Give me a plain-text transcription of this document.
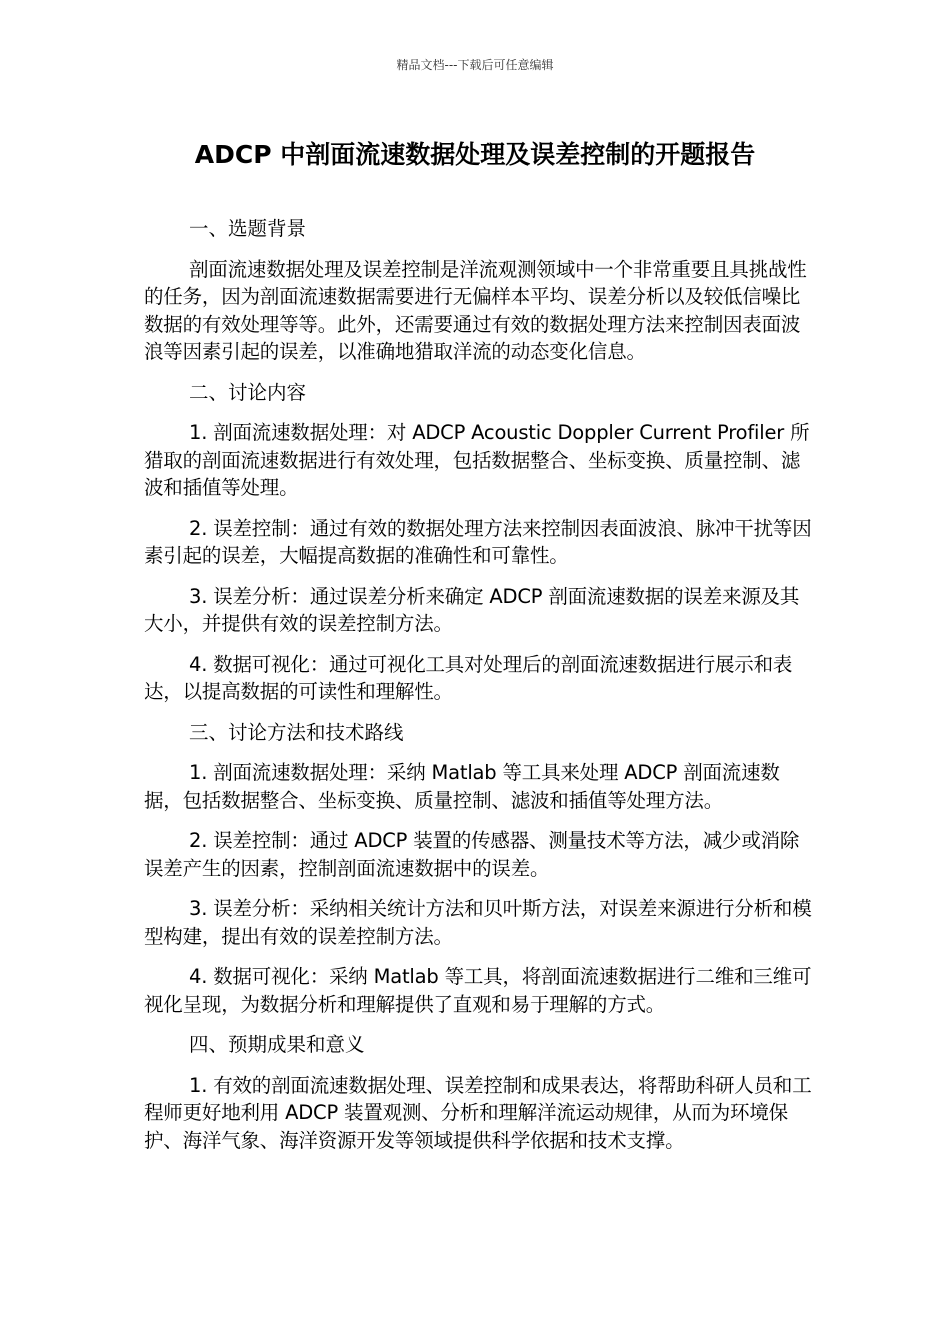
精品文档---下载后可任意编辑
ADCP 中剖面流速数据处理及误差控制的开题报告

一、选题背景

剖面流速数据处理及误差控制是洋流观测领域中一个非常重要且具挑战性的任务，因为剖面流速数据需要进行无偏样本平均、误差分析以及较低信噪比数据的有效处理等等。此外，还需要通过有效的数据处理方法来控制因表面波浪等因素引起的误差，以准确地猎取洋流的动态变化信息。

二、讨论内容

1. 剖面流速数据处理：对 ADCP Acoustic Doppler Current Profiler 所猎取的剖面流速数据进行有效处理，包括数据整合、坐标变换、质量控制、滤波和插值等处理。

2. 误差控制：通过有效的数据处理方法来控制因表面波浪、脉冲干扰等因素引起的误差，大幅提高数据的准确性和可靠性。

3. 误差分析：通过误差分析来确定 ADCP 剖面流速数据的误差来源及其大小，并提供有效的误差控制方法。

4. 数据可视化：通过可视化工具对处理后的剖面流速数据进行展示和表达，以提高数据的可读性和理解性。

三、讨论方法和技术路线

1. 剖面流速数据处理：采纳 Matlab 等工具来处理 ADCP 剖面流速数据，包括数据整合、坐标变换、质量控制、滤波和插值等处理方法。

2. 误差控制：通过 ADCP 装置的传感器、测量技术等方法，减少或消除误差产生的因素，控制剖面流速数据中的误差。

3. 误差分析：采纳相关统计方法和贝叶斯方法，对误差来源进行分析和模型构建，提出有效的误差控制方法。

4. 数据可视化：采纳 Matlab 等工具，将剖面流速数据进行二维和三维可视化呈现，为数据分析和理解提供了直观和易于理解的方式。

四、预期成果和意义

1. 有效的剖面流速数据处理、误差控制和成果表达，将帮助科研人员和工程师更好地利用 ADCP 装置观测、分析和理解洋流运动规律，从而为环境保护、海洋气象、海洋资源开发等领域提供科学依据和技术支撑。
